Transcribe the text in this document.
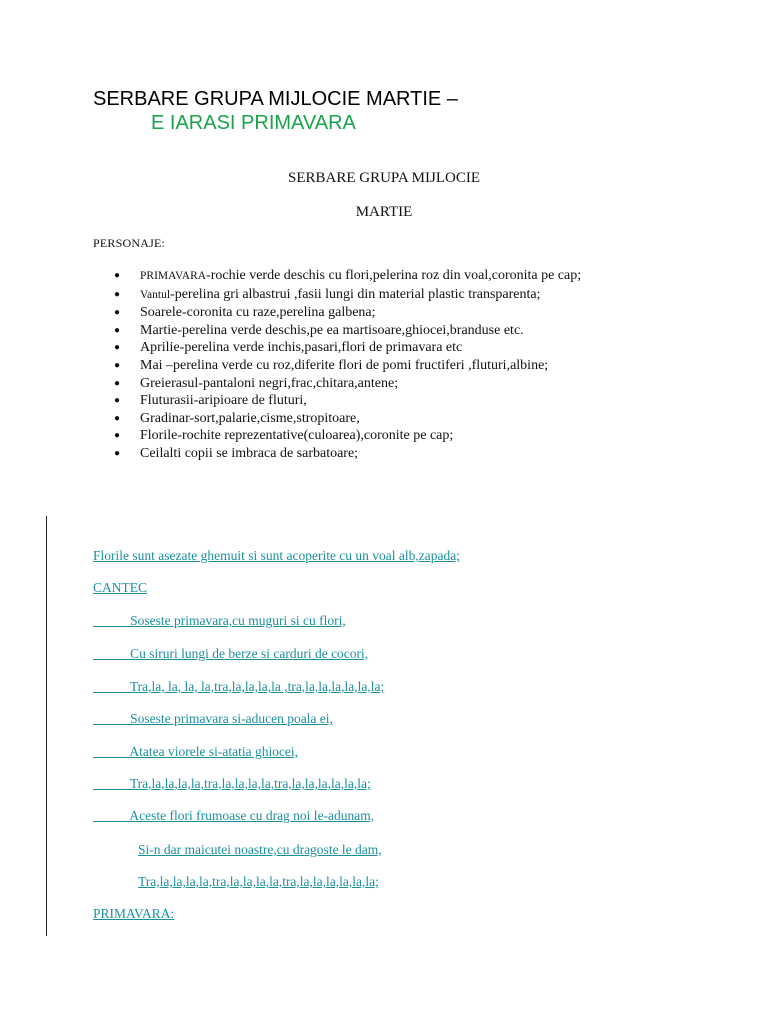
SERBARE GRUPA MIJLOCIE MARTIE –
E IARASI PRIMAVARA
SERBARE GRUPA MIJLOCIE
MARTIE
PERSONAJE:
● PRIMAVARA-rochie verde deschis cu flori,pelerina roz din voal,coronita pe cap;
● Vantul-perelina gri albastrui ,fasii lungi din material plastic transparenta;
● Soarele-coronita cu raze,perelina galbena;
● Martie-perelina verde deschis,pe ea martisoare,ghiocei,branduse etc.
● Aprilie-perelina verde inchis,pasari,flori de primavara etc
● Mai –perelina verde cu roz,diferite flori de pomi fructiferi ,fluturi,albine;
● Greierasul-pantaloni negri,frac,chitara,antene;
● Fluturasii-aripioare de fluturi,
● Gradinar-sort,palarie,cisme,stropitoare,
● Florile-rochite reprezentative(culoarea),coronite pe cap;
● Ceilalti copii se imbraca de sarbatoare;
Florile sunt asezate ghemuit si sunt acoperite cu un voal alb,zapada;
CANTEC
Soseste primavara,cu muguri si cu flori,
Cu siruri lungi de berze si carduri de cocori,
Tra,la, la, la, la,tra,la,la,la,la ,tra,la,la,la,la,la,la;
Soseste primavara si-aducen poala ei,
Atatea viorele si-atatia ghiocei,
Tra,la,la,la,la,tra,la,la,la,la,tra,la,la,la,la,la,la;
Aceste flori frumoase cu drag noi le-adunam,
Si-n dar maicutei noastre,cu dragoste le dam,
Tra,la,la,la,la,tra,la,la,la,la,tra,la,la,la,la,la,la;
PRIMAVARA:
